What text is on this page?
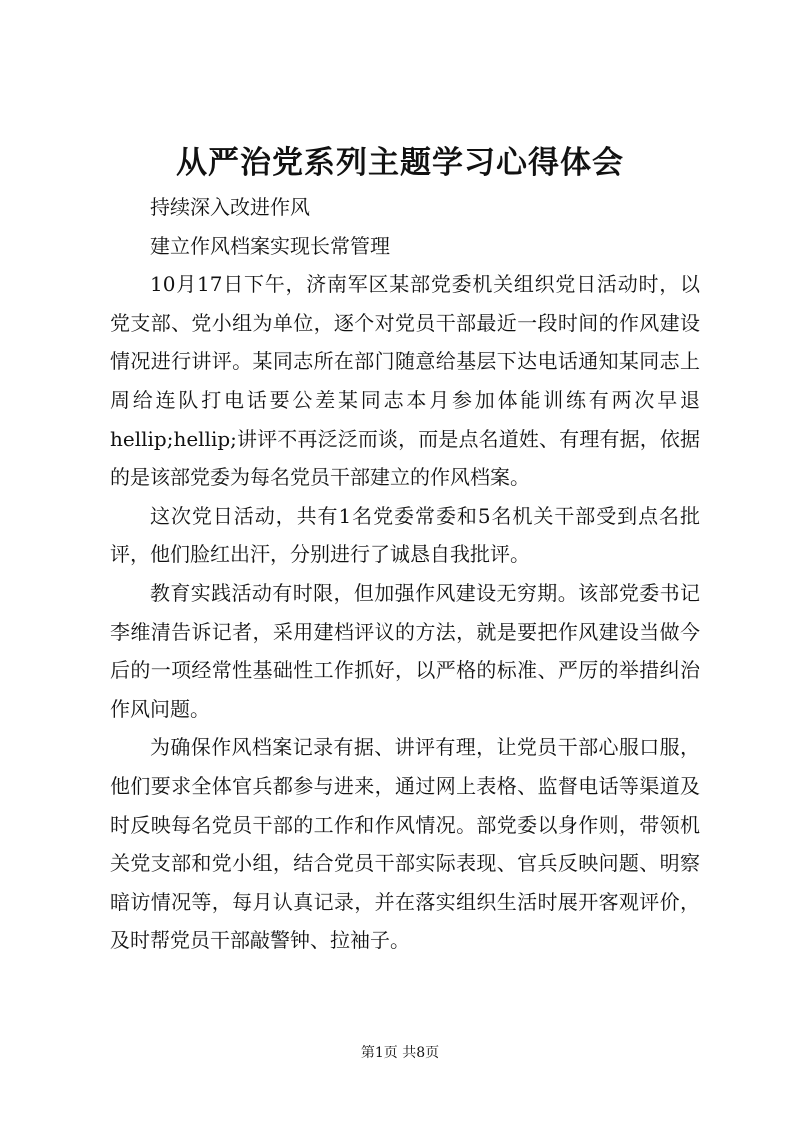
从严治党系列主题学习心得体会

持续深入改进作风

建立作风档案实现长常管理

10月17日下午，济南军区某部党委机关组织党日活动时，以党支部、党小组为单位，逐个对党员干部最近一段时间的作风建设情况进行讲评。某同志所在部门随意给基层下达电话通知某同志上周给连队打电话要公差某同志本月参加体能训练有两次早退hellip;hellip;讲评不再泛泛而谈，而是点名道姓、有理有据，依据的是该部党委为每名党员干部建立的作风档案。

这次党日活动，共有1名党委常委和5名机关干部受到点名批评，他们脸红出汗，分别进行了诚恳自我批评。

教育实践活动有时限，但加强作风建设无穷期。该部党委书记李维清告诉记者，采用建档评议的方法，就是要把作风建设当做今后的一项经常性基础性工作抓好，以严格的标准、严厉的举措纠治作风问题。

为确保作风档案记录有据、讲评有理，让党员干部心服口服，他们要求全体官兵都参与进来，通过网上表格、监督电话等渠道及时反映每名党员干部的工作和作风情况。部党委以身作则，带领机关党支部和党小组，结合党员干部实际表现、官兵反映问题、明察暗访情况等，每月认真记录，并在落实组织生活时展开客观评价，及时帮党员干部敲警钟、拉袖子。

第1页 共8页
